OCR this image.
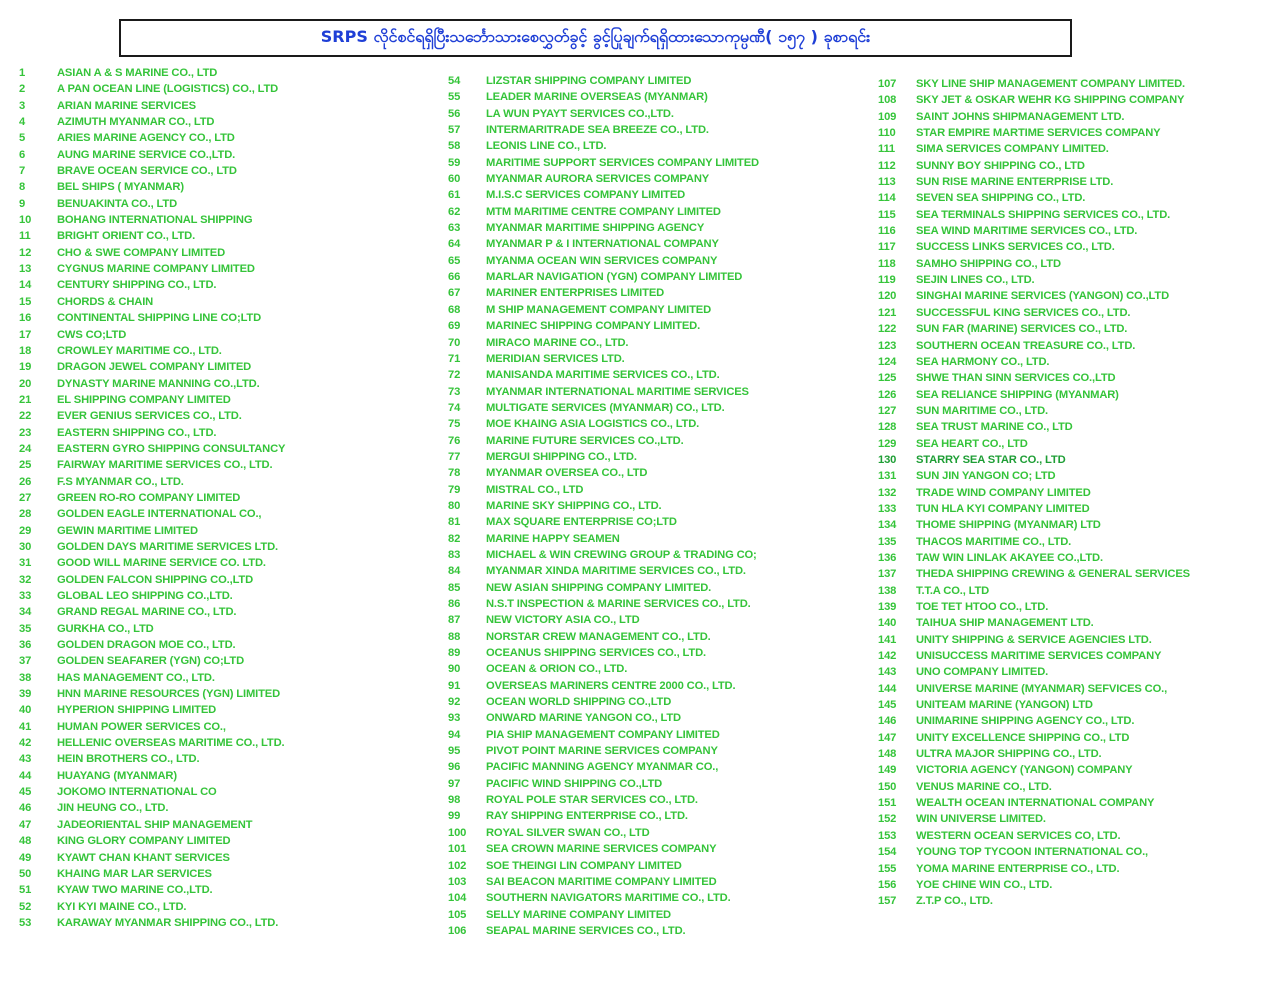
SRPS လိုင်စင်ရရှိပြီးသင်္ဘောသားစေလွှတ်ခွင့် ခွင့်ပြုချက်ရရှိထားသောကုမ္ပဏီ( ၁၅၇ ) ခုစာရင်း
1	ASIAN A & S MARINE CO., LTD
2	A PAN OCEAN LINE (LOGISTICS) CO., LTD
3	ARIAN MARINE SERVICES
4	AZIMUTH MYANMAR CO., LTD
5	ARIES MARINE AGENCY CO., LTD
6	AUNG MARINE SERVICE CO.,LTD.
7	BRAVE OCEAN SERVICE CO., LTD
8	BEL SHIPS ( MYANMAR)
9	BENUAKINTA CO., LTD
10 BOHANG INTERNATIONAL SHIPPING
11 BRIGHT ORIENT CO., LTD.
12 CHO & SWE COMPANY LIMITED
13 CYGNUS MARINE COMPANY LIMITED
14 CENTURY SHIPPING CO., LTD.
15 CHORDS & CHAIN
16 CONTINENTAL SHIPPING LINE CO;LTD
17 CWS CO;LTD
18 CROWLEY MARITIME CO., LTD.
19 DRAGON JEWEL COMPANY LIMITED
20 DYNASTY MARINE MANNING CO.,LTD.
21 EL SHIPPING COMPANY LIMITED
22 EVER GENIUS SERVICES CO., LTD.
23 EASTERN SHIPPING CO., LTD.
24 EASTERN GYRO SHIPPING CONSULTANCY
25 FAIRWAY MARITIME SERVICES CO., LTD.
26 F.S MYANMAR CO., LTD.
27 GREEN RO-RO COMPANY LIMITED
28 GOLDEN EAGLE INTERNATIONAL CO.,
29 GEWIN MARITIME LIMITED
30 GOLDEN DAYS MARITIME SERVICES LTD.
31 GOOD WILL MARINE SERVICE CO. LTD.
32 GOLDEN FALCON SHIPPING CO.,LTD
33 GLOBAL LEO SHIPPING CO.,LTD.
34 GRAND REGAL MARINE CO., LTD.
35 GURKHA CO., LTD
36 GOLDEN DRAGON MOE CO., LTD.
37 GOLDEN SEAFARER (YGN) CO;LTD
38 HAS MANAGEMENT CO., LTD.
39 HNN MARINE RESOURCES (YGN) LIMITED
40 HYPERION SHIPPING LIMITED
41 HUMAN POWER SERVICES CO.,
42 HELLENIC OVERSEAS MARITIME CO., LTD.
43 HEIN BROTHERS CO., LTD.
44 HUAYANG (MYANMAR)
45 JOKOMO INTERNATIONAL CO
46 JIN HEUNG CO., LTD.
47 JADEORIENTAL SHIP MANAGEMENT
48 KING GLORY COMPANY LIMITED
49 KYAWT CHAN KHANT SERVICES
50 KHAING MAR LAR SERVICES
51 KYAW TWO MARINE CO.,LTD.
52 KYI KYI MAINE CO., LTD.
53 KARAWAY MYANMAR SHIPPING CO., LTD.
54 LIZSTAR SHIPPING COMPANY LIMITED
55 LEADER MARINE OVERSEAS (MYANMAR)
56 LA WUN PYAYT SERVICES CO.,LTD.
57 INTERMARITRADE SEA BREEZE CO., LTD.
58 LEONIS LINE CO., LTD.
59 MARITIME SUPPORT SERVICES COMPANY LIMITED
60 MYANMAR AURORA SERVICES COMPANY
61 M.I.S.C SERVICES COMPANY LIMITED
62 MTM MARITIME CENTRE COMPANY LIMITED
63 MYANMAR MARITIME SHIPPING AGENCY
64 MYANMAR P & I INTERNATIONAL COMPANY
65 MYANMA OCEAN WIN SERVICES COMPANY
66 MARLAR NAVIGATION (YGN) COMPANY LIMITED
67 MARINER ENTERPRISES LIMITED
68 M SHIP MANAGEMENT COMPANY LIMITED
69 MARINEC SHIPPING COMPANY LIMITED.
70 MIRACO MARINE CO., LTD.
71 MERIDIAN SERVICES LTD.
72 MANISANDA MARITIME SERVICES CO., LTD.
73 MYANMAR INTERNATIONAL MARITIME SERVICES
74 MULTIGATE SERVICES (MYANMAR) CO., LTD.
75 MOE KHAING ASIA LOGISTICS CO., LTD.
76 MARINE FUTURE SERVICES CO.,LTD.
77 MERGUI SHIPPING CO., LTD.
78 MYANMAR OVERSEA CO., LTD
79 MISTRAL CO., LTD
80 MARINE SKY SHIPPING CO., LTD.
81 MAX SQUARE ENTERPRISE CO;LTD
82 MARINE HAPPY SEAMEN
83 MICHAEL & WIN CREWING GROUP & TRADING CO;
84 MYANMAR XINDA MARITIME SERVICES CO., LTD.
85 NEW ASIAN SHIPPING COMPANY LIMITED.
86 N.S.T INSPECTION & MARINE SERVICES CO., LTD.
87 NEW VICTORY ASIA CO., LTD
88 NORSTAR CREW MANAGEMENT CO., LTD.
89 OCEANUS SHIPPING SERVICES CO., LTD.
90 OCEAN & ORION CO., LTD.
91 OVERSEAS MARINERS CENTRE 2000 CO., LTD.
92 OCEAN WORLD SHIPPING CO.,LTD
93 ONWARD MARINE YANGON CO., LTD
94 PIA SHIP MANAGEMENT COMPANY LIMITED
95 PIVOT POINT MARINE SERVICES COMPANY
96 PACIFIC MANNING AGENCY MYANMAR CO.,
97 PACIFIC WIND SHIPPING CO.,LTD
98 ROYAL POLE STAR SERVICES CO., LTD.
99 RAY SHIPPING ENTERPRISE CO., LTD.
100 ROYAL SILVER SWAN CO., LTD
101 SEA CROWN MARINE SERVICES COMPANY
102 SOE THEINGI LIN COMPANY LIMITED
103 SAI BEACON MARITIME COMPANY LIMITED
104 SOUTHERN NAVIGATORS MARITIME CO., LTD.
105 SELLY MARINE COMPANY LIMITED
106 SEAPAL MARINE SERVICES CO., LTD.
107 SKY LINE SHIP MANAGEMENT COMPANY LIMITED.
108 SKY JET & OSKAR WEHR KG SHIPPING COMPANY
109 SAINT JOHNS SHIPMANAGEMENT LTD.
110 STAR EMPIRE MARTIME SERVICES COMPANY
111 SIMA SERVICES COMPANY LIMITED.
112 SUNNY BOY SHIPPING CO., LTD
113 SUN RISE MARINE ENTERPRISE LTD.
114 SEVEN SEA SHIPPING CO., LTD.
115 SEA TERMINALS SHIPPING SERVICES CO., LTD.
116 SEA WIND MARITIME SERVICES CO., LTD.
117 SUCCESS LINKS SERVICES CO., LTD.
118 SAMHO SHIPPING CO., LTD
119 SEJIN LINES CO., LTD.
120 SINGHAI MARINE SERVICES (YANGON) CO.,LTD
121 SUCCESSFUL KING SERVICES CO., LTD.
122 SUN FAR (MARINE) SERVICES CO., LTD.
123 SOUTHERN OCEAN TREASURE CO., LTD.
124 SEA HARMONY CO., LTD.
125 SHWE THAN SINN SERVICES CO.,LTD
126 SEA RELIANCE SHIPPING (MYANMAR)
127 SUN MARITIME CO., LTD.
128 SEA TRUST MARINE CO., LTD
129 SEA HEART CO., LTD
130 STARRY SEA STAR CO., LTD
131 SUN JIN YANGON CO; LTD
132 TRADE WIND COMPANY LIMITED
133 TUN HLA KYI COMPANY LIMITED
134 THOME SHIPPING (MYANMAR) LTD
135 THACOS MARITIME CO., LTD.
136 TAW WIN LINLAK AKAYEE CO.,LTD.
137 THEDA SHIPPING CREWING & GENERAL SERVICES
138 T.T.A CO., LTD
139 TOE TET HTOO CO., LTD.
140 TAIHUA SHIP MANAGEMENT LTD.
141 UNITY SHIPPING & SERVICE AGENCIES LTD.
142 UNISUCCESS MARITIME SERVICES COMPANY
143 UNO COMPANY LIMITED.
144 UNIVERSE MARINE (MYANMAR) SEFVICES CO.,
145 UNITEAM MARINE (YANGON) LTD
146 UNIMARINE SHIPPING AGENCY CO., LTD.
147 UNITY EXCELLENCE SHIPPING CO., LTD
148 ULTRA MAJOR SHIPPING CO., LTD.
149 VICTORIA AGENCY (YANGON) COMPANY
150 VENUS MARINE CO., LTD.
151 WEALTH OCEAN INTERNATIONAL COMPANY
152 WIN UNIVERSE LIMITED.
153 WESTERN OCEAN SERVICES CO, LTD.
154 YOUNG TOP TYCOON INTERNATIONAL CO.,
155 YOMA MARINE ENTERPRISE CO., LTD.
156 YOE CHINE WIN CO., LTD.
157 Z.T.P CO., LTD.
